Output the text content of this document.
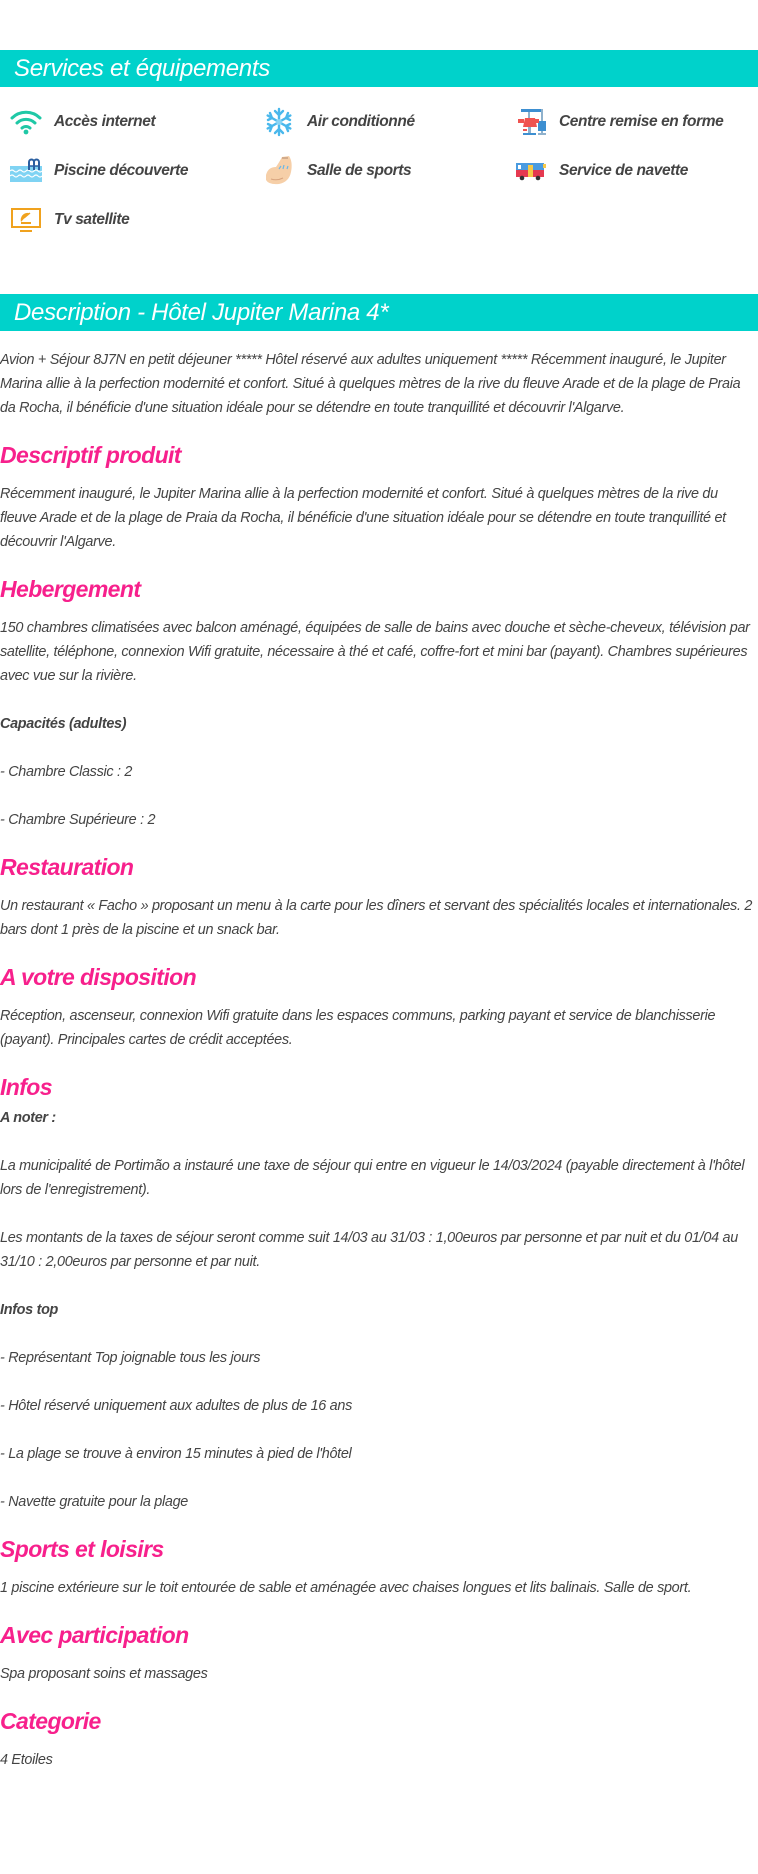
Services et équipements
Accès internet	Air conditionné	Centre remise en forme
Piscine découverte	Salle de sports	Service de navette
Tv satellite
Description - Hôtel Jupiter Marina 4*

Avion + Séjour 8J7N en petit déjeuner ***** Hôtel réservé aux adultes uniquement ***** Récemment inauguré, le Jupiter Marina allie à la perfection modernité et confort. Situé à quelques mètres de la rive du fleuve Arade et de la plage de Praia da Rocha, il bénéficie d'une situation idéale pour se détendre en toute tranquillité et découvrir l'Algarve.

Descriptif produit

Récemment inauguré, le Jupiter Marina allie à la perfection modernité et confort. Situé à quelques mètres de la rive du fleuve Arade et de la plage de Praia da Rocha, il bénéficie d'une situation idéale pour se détendre en toute tranquillité et découvrir l'Algarve.

Hebergement

150 chambres climatisées avec balcon aménagé, équipées de salle de bains avec douche et sèche-cheveux, télévision par satellite, téléphone, connexion Wifi gratuite, nécessaire à thé et café, coffre-fort et mini bar (payant). Chambres supérieures avec vue sur la rivière.

Capacités (adultes)

- Chambre Classic : 2

- Chambre Supérieure : 2

Restauration

Un restaurant « Facho » proposant un menu à la carte pour les dîners et servant des spécialités locales et internationales. 2 bars dont 1 près de la piscine et un snack bar.

A votre disposition

Réception, ascenseur, connexion Wifi gratuite dans les espaces communs, parking payant et service de blanchisserie (payant). Principales cartes de crédit acceptées.

Infos

A noter :

La municipalité de Portimão a instauré une taxe de séjour qui entre en vigueur le 14/03/2024 (payable directement à l'hôtel lors de l'enregistrement).

Les montants de la taxes de séjour seront comme suit 14/03 au 31/03 : 1,00euros par personne et par nuit et du 01/04 au 31/10 : 2,00euros par personne et par nuit.

Infos top

- Représentant Top joignable tous les jours

- Hôtel réservé uniquement aux adultes de plus de 16 ans

- La plage se trouve à environ 15 minutes à pied de l'hôtel

- Navette gratuite pour la plage

Sports et loisirs

1 piscine extérieure sur le toit entourée de sable et aménagée avec chaises longues et lits balinais. Salle de sport.

Avec participation

Spa proposant soins et massages

Categorie

4 Etoiles
